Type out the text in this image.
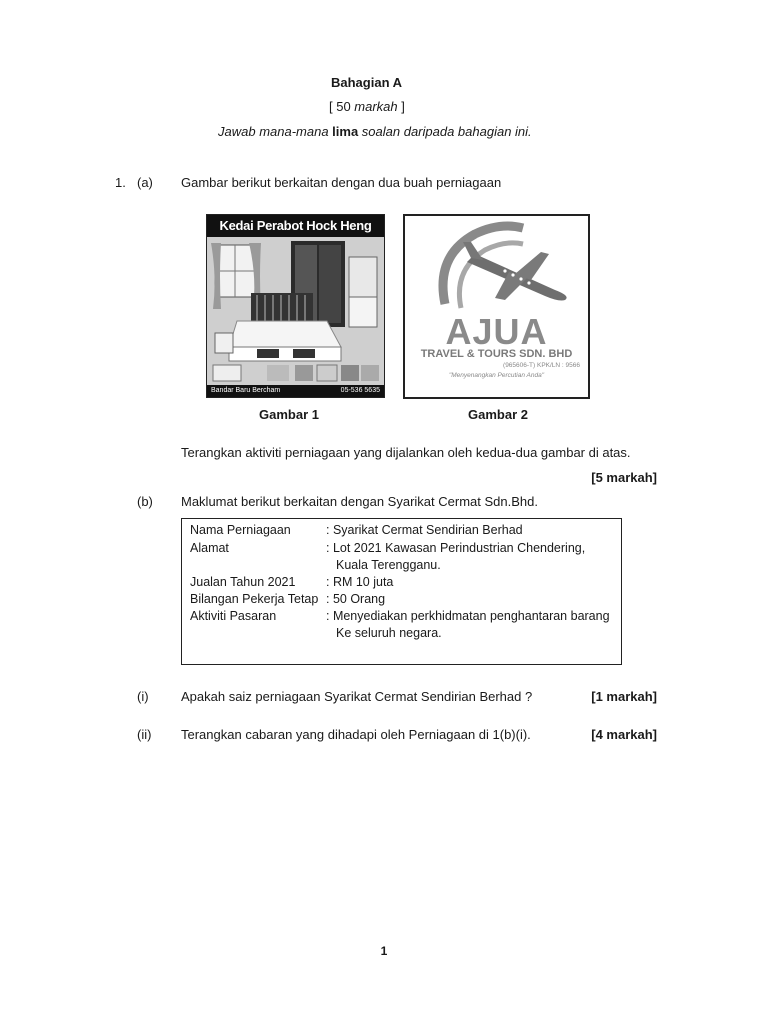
Bahagian A
[ 50 markah ]
Jawab mana-mana lima soalan daripada bahagian ini.
1. (a) Gambar berikut berkaitan dengan dua buah perniagaan
Kedai Perabot Hock Heng
Bandar Baru Bercham	05-536 5635
AJUA
TRAVEL & TOURS SDN. BHD
(965606-T) KPK/LN : 9566
"Menyenangkan Percutian Anda"
Gambar 1	Gambar 2
Terangkan aktiviti perniagaan yang dijalankan oleh kedua-dua gambar di atas.
[5 markah]
(b) Maklumat berikut berkaitan dengan Syarikat Cermat Sdn.Bhd.
Nama Perniagaan	: Syarikat Cermat Sendirian Berhad
Alamat	: Lot 2021 Kawasan Perindustrian Chendering,
Kuala Terengganu.
Jualan Tahun 2021 : RM 10 juta
Bilangan Pekerja Tetap : 50 Orang
Aktiviti Pasaran	: Menyediakan perkhidmatan penghantaran barang
Ke seluruh negara.
(i) Apakah saiz perniagaan Syarikat Cermat Sendirian Berhad ?	[1 markah]
(ii) Terangkan cabaran yang dihadapi oleh Perniagaan di 1(b)(i).	[4 markah]
1
